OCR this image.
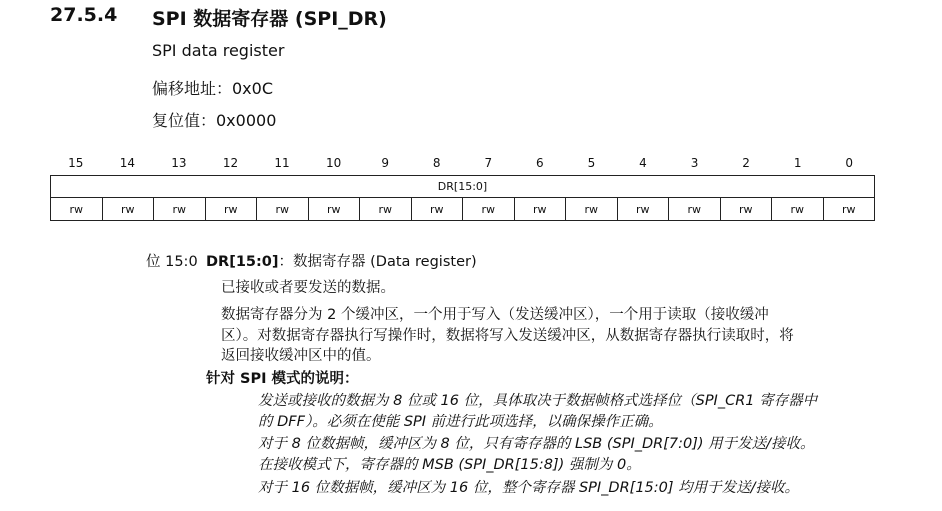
27.5.4 SPI 数据寄存器 (SPI_DR)
SPI data register
偏移地址：0x0C
复位值：0x0000
15	14	13	12	11	10	9	8	7	6	5	4	3	2	1	0
DR[15:0]
rw	rw	rw	rw	rw	rw	rw	rw	rw	rw	rw	rw	rw	rw	rw	rw
位 15:0 DR[15:0]：数据寄存器 (Data register)
已接收或者要发送的数据。
数据寄存器分为 2 个缓冲区，一个用于写入（发送缓冲区），一个用于读取（接收缓冲
区）。对数据寄存器执行写操作时，数据将写入发送缓冲区，从数据寄存器执行读取时，将
返回接收缓冲区中的值。
针对 SPI 模式的说明：
发送或接收的数据为 8 位或 16 位，具体取决于数据帧格式选择位（SPI_CR1 寄存器中
的 DFF）。必须在使能 SPI 前进行此项选择，以确保操作正确。
对于 8 位数据帧，缓冲区为 8 位，只有寄存器的 LSB (SPI_DR[7:0]) 用于发送/接收。
在接收模式下，寄存器的 MSB (SPI_DR[15:8]) 强制为 0。
对于 16 位数据帧，缓冲区为 16 位，整个寄存器 SPI_DR[15:0] 均用于发送/接收。
